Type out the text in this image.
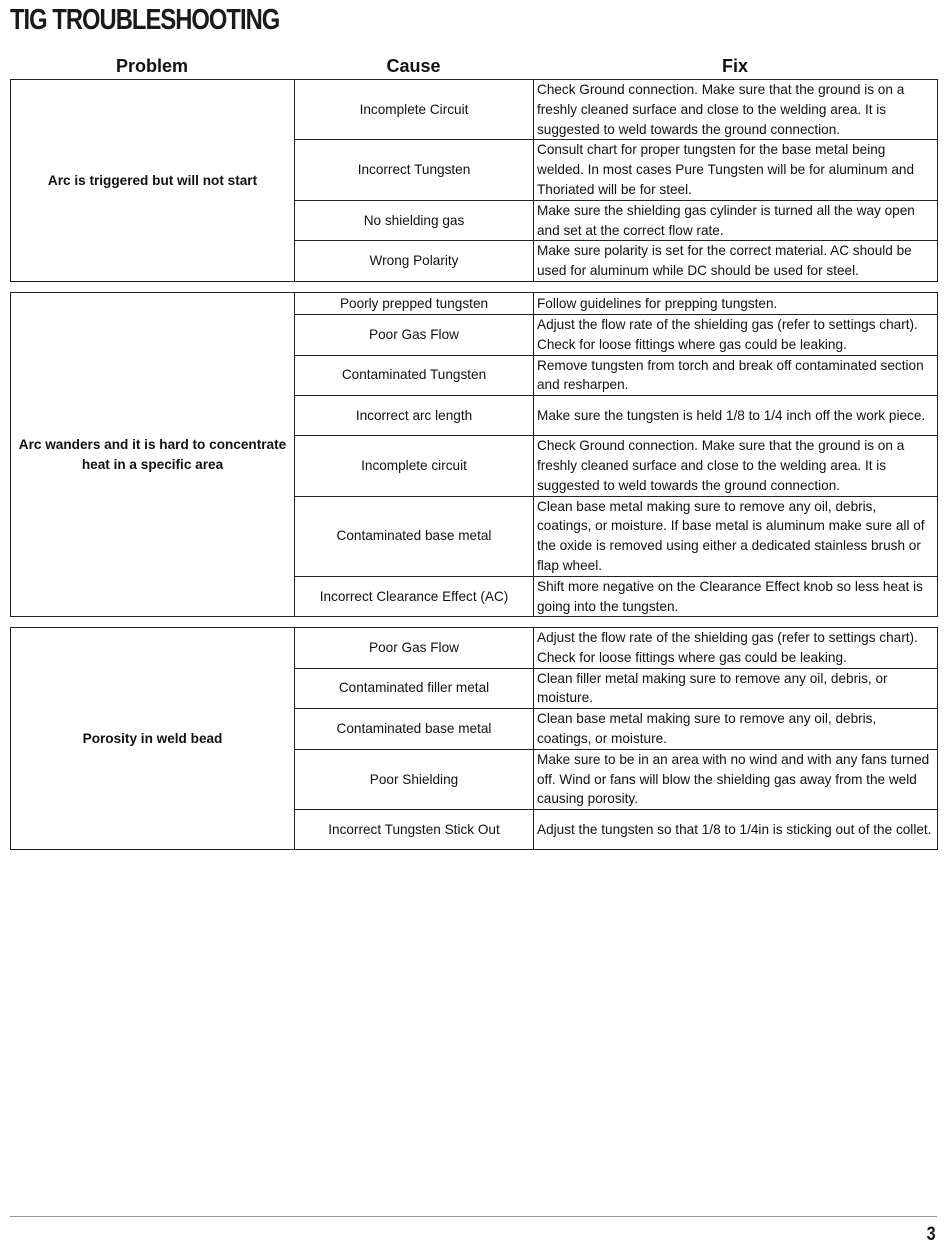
TIG TROUBLESHOOTING
Problem	Cause	Fix
Arc is triggered but will not start	Incomplete Circuit	Check Ground connection. Make sure that the ground is on a freshly cleaned surface and close to the welding area. It is suggested to weld towards the ground connection.
	Incorrect Tungsten	Consult chart for proper tungsten for the base metal being welded. In most cases Pure Tungsten will be for aluminum and Thoriated will be for steel.
	No shielding gas	Make sure the shielding gas cylinder is turned all the way open and set at the correct flow rate.
	Wrong Polarity	Make sure polarity is set for the correct material. AC should be used for aluminum while DC should be used for steel.
Arc wanders and it is hard to concentrate heat in a specific area	Poorly prepped tungsten	Follow guidelines for prepping tungsten.
	Poor Gas Flow	Adjust the flow rate of the shielding gas (refer to settings chart). Check for loose fittings where gas could be leaking.
	Contaminated Tungsten	Remove tungsten from torch and break off contaminated section and resharpen.
	Incorrect arc length	Make sure the tungsten is held 1/8 to 1/4 inch off the work piece.
	Incomplete circuit	Check Ground connection. Make sure that the ground is on a freshly cleaned surface and close to the welding area. It is suggested to weld towards the ground connection.
	Contaminated base metal	Clean base metal making sure to remove any oil, debris, coatings, or moisture. If base metal is aluminum make sure all of the oxide is removed using either a dedicated stainless brush or flap wheel.
	Incorrect Clearance Effect (AC)	Shift more negative on the Clearance Effect knob so less heat is going into the tungsten.
Porosity in weld bead	Poor Gas Flow	Adjust the flow rate of the shielding gas (refer to settings chart). Check for loose fittings where gas could be leaking.
	Contaminated filler metal	Clean filler metal making sure to remove any oil, debris, or moisture.
	Contaminated base metal	Clean base metal making sure to remove any oil, debris, coatings, or moisture.
	Poor Shielding	Make sure to be in an area with no wind and with any fans turned off. Wind or fans will blow the shielding gas away from the weld causing porosity.
	Incorrect Tungsten Stick Out	Adjust the tungsten so that 1/8 to 1/4in is sticking out of the collet.
3
